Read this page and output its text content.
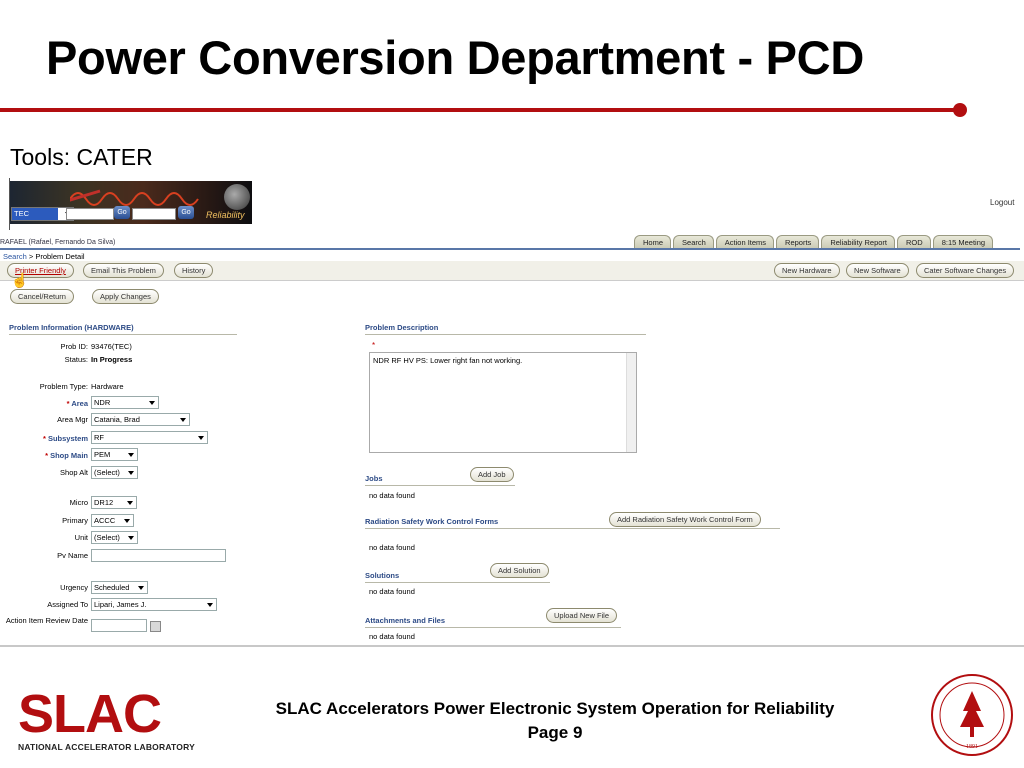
Power Conversion Department - PCD
Tools: CATER
TEC	Go	Go	Reliability
Logout
Home	Search	Action Items	Reports	Reliability Report	ROD	8:15 Meeting
RAFAEL (Rafael, Fernando Da Silva)
Search > Problem Detail
Printer Friendly	Email This Problem	History	New Hardware	New Software	Cater Software Changes
☝
Cancel/Return	Apply Changes
Problem Information (HARDWARE)
Prob ID: 93476(TEC)
Status: In Progress
Problem Type: Hardware
* Area NDR
Area Mgr Catania, Brad
* Subsystem RF
* Shop Main PEM
Shop Alt (Select)
Micro DR12
Primary ACCC
Unit (Select)
Pv Name
Urgency Scheduled
Assigned To Lipari, James J.
Action Item Review Date
Problem Description
*
NDR RF HV PS: Lower right fan not working.
Jobs	Add Job
no data found
Radiation Safety Work Control Forms	Add Radiation Safety Work Control Form
no data found
Solutions
Add Solution
no data found
Attachments and Files
Upload New File
no data found
SLAC
NATIONAL ACCELERATOR LABORATORY
SLAC Accelerators Power Electronic System Operation for Reliability
Page 9
1891
